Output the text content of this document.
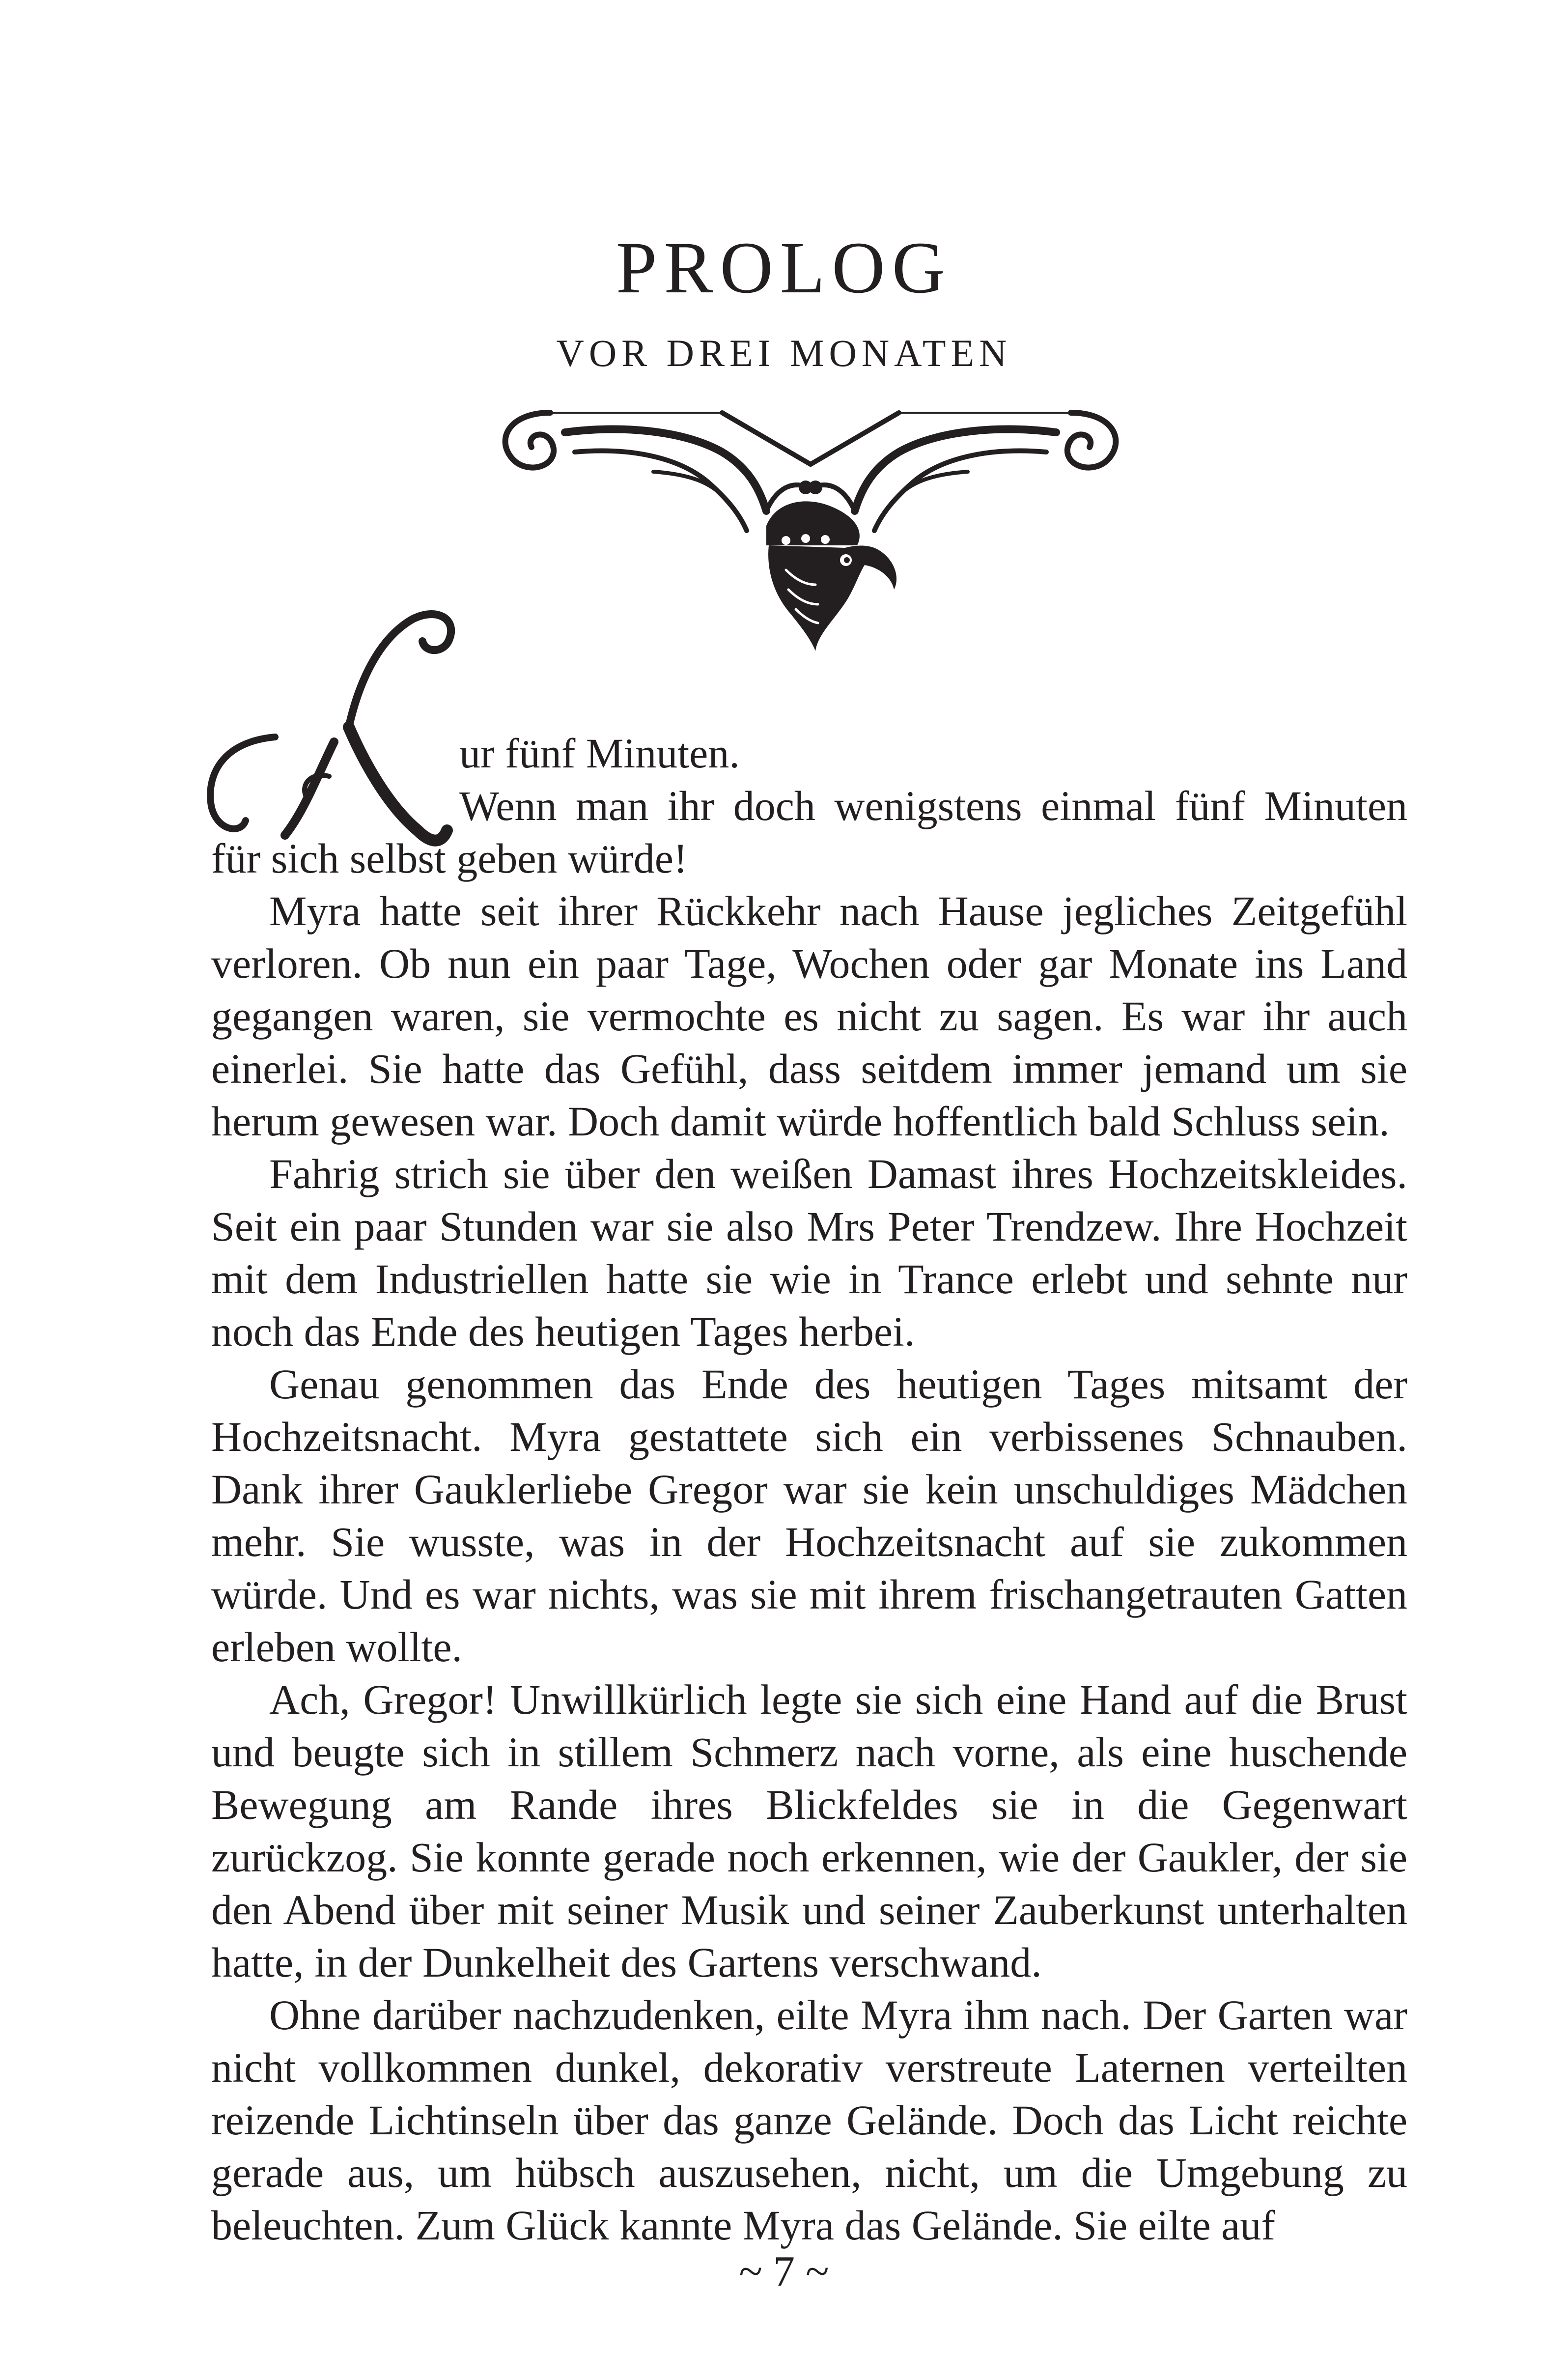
PROLOG
VOR DREI MONATEN

ur fünf Minuten.

Wenn man ihr doch wenigstens einmal fünf Minuten für sich selbst geben würde!

Myra hatte seit ihrer Rückkehr nach Hause jegliches Zeitgefühl verloren. Ob nun ein paar Tage, Wochen oder gar Monate ins Land gegangen waren, sie vermochte es nicht zu sagen. Es war ihr auch einerlei. Sie hatte das Gefühl, dass seitdem immer jemand um sie herum gewesen war. Doch damit würde hoffentlich bald Schluss sein.

Fahrig strich sie über den weißen Damast ihres Hochzeitskleides. Seit ein paar Stunden war sie also Mrs Peter Trendzew. Ihre Hochzeit mit dem Industriellen hatte sie wie in Trance erlebt und sehnte nur noch das Ende des heutigen Tages herbei.

Genau genommen das Ende des heutigen Tages mitsamt der Hochzeitsnacht. Myra gestattete sich ein verbissenes Schnauben. Dank ihrer Gauklerliebe Gregor war sie kein unschuldiges Mädchen mehr. Sie wusste, was in der Hochzeitsnacht auf sie zukommen würde. Und es war nichts, was sie mit ihrem frischangetrauten Gatten erleben wollte.

Ach, Gregor! Unwillkürlich legte sie sich eine Hand auf die Brust und beugte sich in stillem Schmerz nach vorne, als eine huschende Bewegung am Rande ihres Blickfeldes sie in die Gegenwart zurückzog. Sie konnte gerade noch erkennen, wie der Gaukler, der sie den Abend über mit seiner Musik und seiner Zauberkunst unterhalten hatte, in der Dunkelheit des Gartens verschwand.

Ohne darüber nachzudenken, eilte Myra ihm nach. Der Garten war nicht vollkommen dunkel, dekorativ verstreute Laternen verteilten reizende Lichtinseln über das ganze Gelände. Doch das Licht reichte gerade aus, um hübsch auszusehen, nicht, um die Umgebung zu beleuchten. Zum Glück kannte Myra das Gelände. Sie eilte auf

~ 7 ~
